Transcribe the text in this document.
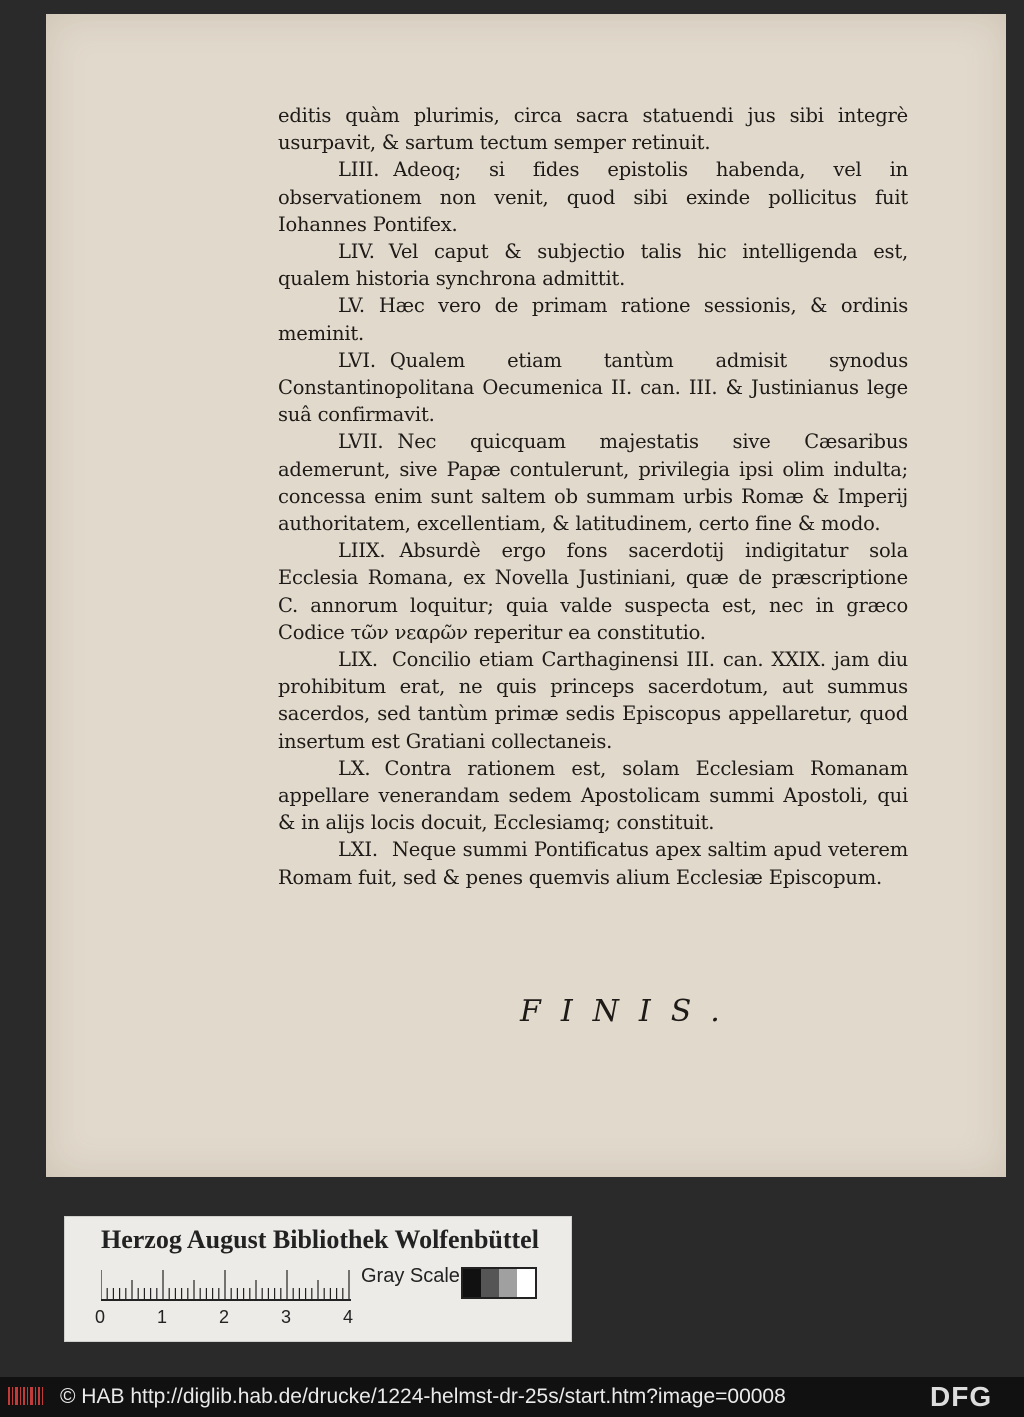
editis quàm plurimis, circa sacra statuendi jus sibi integrè usurpavit, & sartum tectum semper retinuit.

LIII. Adeoq; si fides epistolis habenda, vel in observationem non venit, quod sibi exinde pollicitus fuit Iohannes Pontifex.

LIV. Vel caput & subjectio talis hic intelligenda est, qualem historia synchrona admittit.

LV. Hæc vero de primam ratione sessionis, & ordinis meminit.

LVI. Qualem etiam tantùm admisit synodus Constantinopolitana Oecumenica II. can. III. & Justinianus lege suâ confirmavit.

LVII. Nec quicquam majestatis sive Cæsaribus ademerunt, sive Papæ contulerunt, privilegia ipsi olim indulta; concessa enim sunt saltem ob summam urbis Romæ & Imperij authoritatem, excellentiam, & latitudinem, certo fine & modo.

LIIX. Absurdè ergo fons sacerdotij indigitatur sola Ecclesia Romana, ex Novella Justiniani, quæ de præscriptione C. annorum loquitur; quia valde suspecta est, nec in græco Codice τῶν νεαρῶν reperitur ea constitutio.

LIX. Concilio etiam Carthaginensi III. can. XXIX. jam diu prohibitum erat, ne quis princeps sacerdotum, aut summus sacerdos, sed tantùm primæ sedis Episcopus appellaretur, quod insertum est Gratiani collectaneis.

LX. Contra rationem est, solam Ecclesiam Romanam appellare venerandam sedem Apostolicam summi Apostoli, qui & in alijs locis docuit, Ecclesiamq; constituit.

LXI. Neque summi Pontificatus apex saltim apud veterem Romam fuit, sed & penes quemvis alium Ecclesiæ Episcopum.

FINIS.
Herzog August Bibliothek Wolfenbüttel
0	1	2	3	4
Gray Scale
© HAB http://diglib.hab.de/drucke/1224-helmst-dr-25s/start.htm?image=00008	DFG
